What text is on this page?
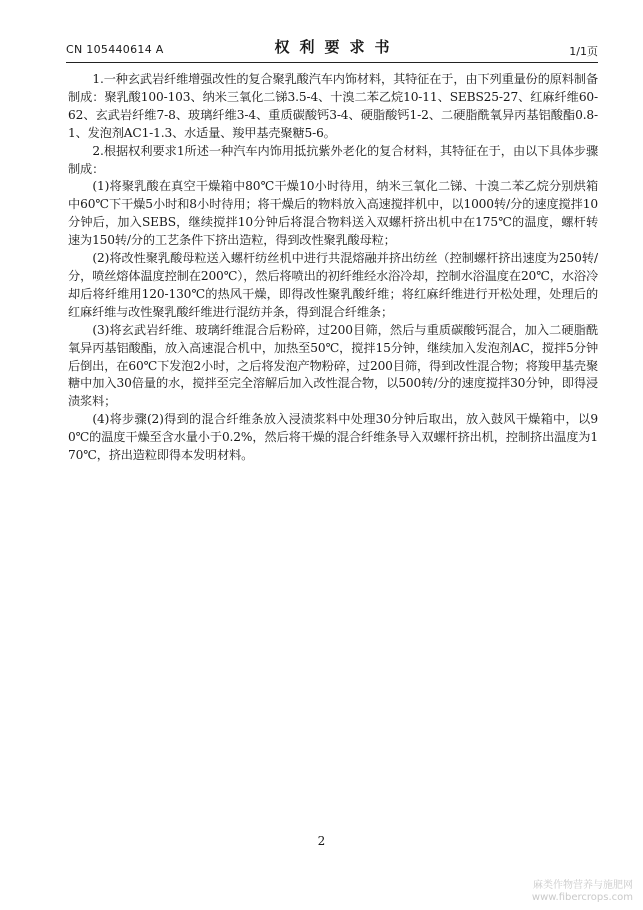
CN 105440614 A	权利要求书	1/1页

1.一种玄武岩纤维增强改性的复合聚乳酸汽车内饰材料，其特征在于，由下列重量份的原料制备制成：聚乳酸100-103、纳米三氧化二锑3.5-4、十溴二苯乙烷10-11、SEBS25-27、红麻纤维60-62、玄武岩纤维7-8、玻璃纤维3-4、重质碳酸钙3-4、硬脂酸钙1-2、二硬脂酰氧异丙基铝酸酯0.8-1、发泡剂AC1-1.3、水适量、羧甲基壳聚糖5-6。

2.根据权利要求1所述一种汽车内饰用抵抗紫外老化的复合材料，其特征在于，由以下具体步骤制成：

(1)将聚乳酸在真空干燥箱中80℃干燥10小时待用，纳米三氧化二锑、十溴二苯乙烷分别烘箱中60℃下干燥5小时和8小时待用；将干燥后的物料放入高速搅拌机中，以1000转/分的速度搅拌10分钟后，加入SEBS，继续搅拌10分钟后将混合物料送入双螺杆挤出机中在175℃的温度，螺杆转速为150转/分的工艺条件下挤出造粒，得到改性聚乳酸母粒；

(2)将改性聚乳酸母粒送入螺杆纺丝机中进行共混熔融并挤出纺丝（控制螺杆挤出速度为250转/分，喷丝熔体温度控制在200℃），然后将喷出的初纤维经水浴冷却，控制水浴温度在20℃，水浴冷却后将纤维用120-130℃的热风干燥，即得改性聚乳酸纤维；将红麻纤维进行开松处理，处理后的红麻纤维与改性聚乳酸纤维进行混纺并条，得到混合纤维条；

(3)将玄武岩纤维、玻璃纤维混合后粉碎，过200目筛，然后与重质碳酸钙混合，加入二硬脂酰氧异丙基铝酸酯，放入高速混合机中，加热至50℃，搅拌15分钟，继续加入发泡剂AC，搅拌5分钟后倒出，在60℃下发泡2小时，之后将发泡产物粉碎，过200目筛，得到改性混合物；将羧甲基壳聚糖中加入30倍量的水，搅拌至完全溶解后加入改性混合物，以500转/分的速度搅拌30分钟，即得浸渍浆料；

(4)将步骤(2)得到的混合纤维条放入浸渍浆料中处理30分钟后取出，放入鼓风干燥箱中，以90℃的温度干燥至含水量小于0.2%，然后将干燥的混合纤维条导入双螺杆挤出机，控制挤出温度为170℃，挤出造粒即得本发明材料。

2
麻类作物营养与施肥网
www.fibercrops.com
